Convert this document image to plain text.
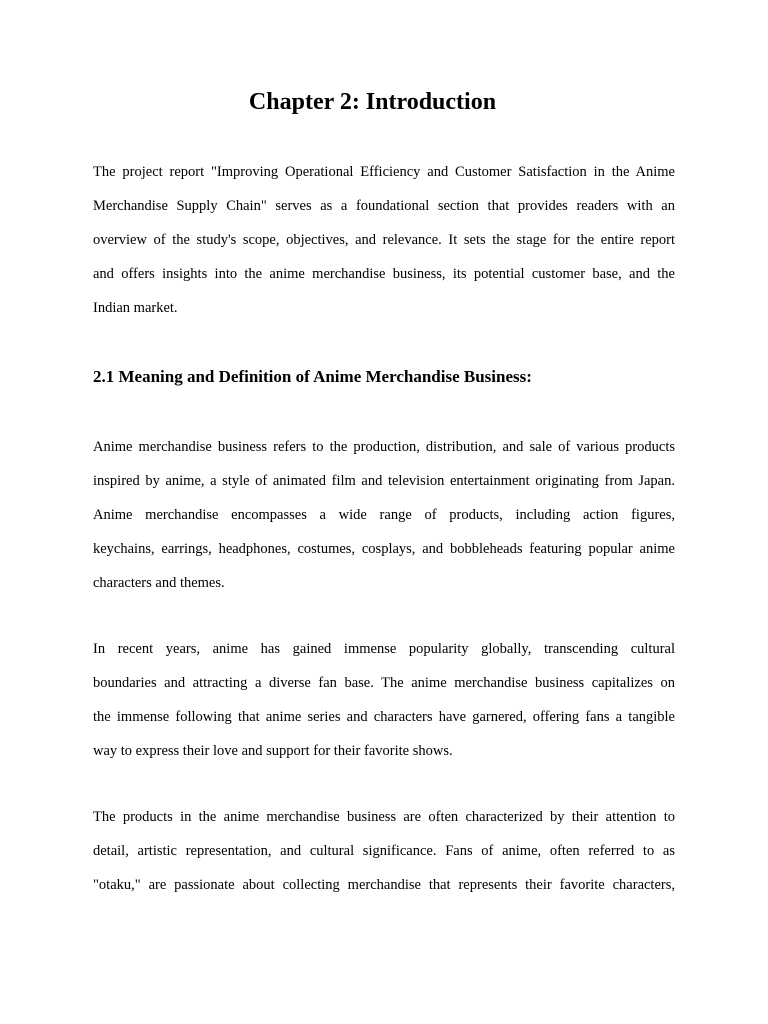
Chapter 2: Introduction

The project report "Improving Operational Efficiency and Customer Satisfaction in the Anime
Merchandise Supply Chain" serves as a foundational section that provides readers with an
overview of the study's scope, objectives, and relevance. It sets the stage for the entire report
and offers insights into the anime merchandise business, its potential customer base, and the
Indian market.

2.1 Meaning and Definition of Anime Merchandise Business:

Anime merchandise business refers to the production, distribution, and sale of various products
inspired by anime, a style of animated film and television entertainment originating from Japan.
Anime merchandise encompasses a wide range of products, including action figures,
keychains, earrings, headphones, costumes, cosplays, and bobbleheads featuring popular anime
characters and themes.

In recent years, anime has gained immense popularity globally, transcending cultural
boundaries and attracting a diverse fan base. The anime merchandise business capitalizes on
the immense following that anime series and characters have garnered, offering fans a tangible
way to express their love and support for their favorite shows.

The products in the anime merchandise business are often characterized by their attention to
detail, artistic representation, and cultural significance. Fans of anime, often referred to as
"otaku," are passionate about collecting merchandise that represents their favorite characters,
